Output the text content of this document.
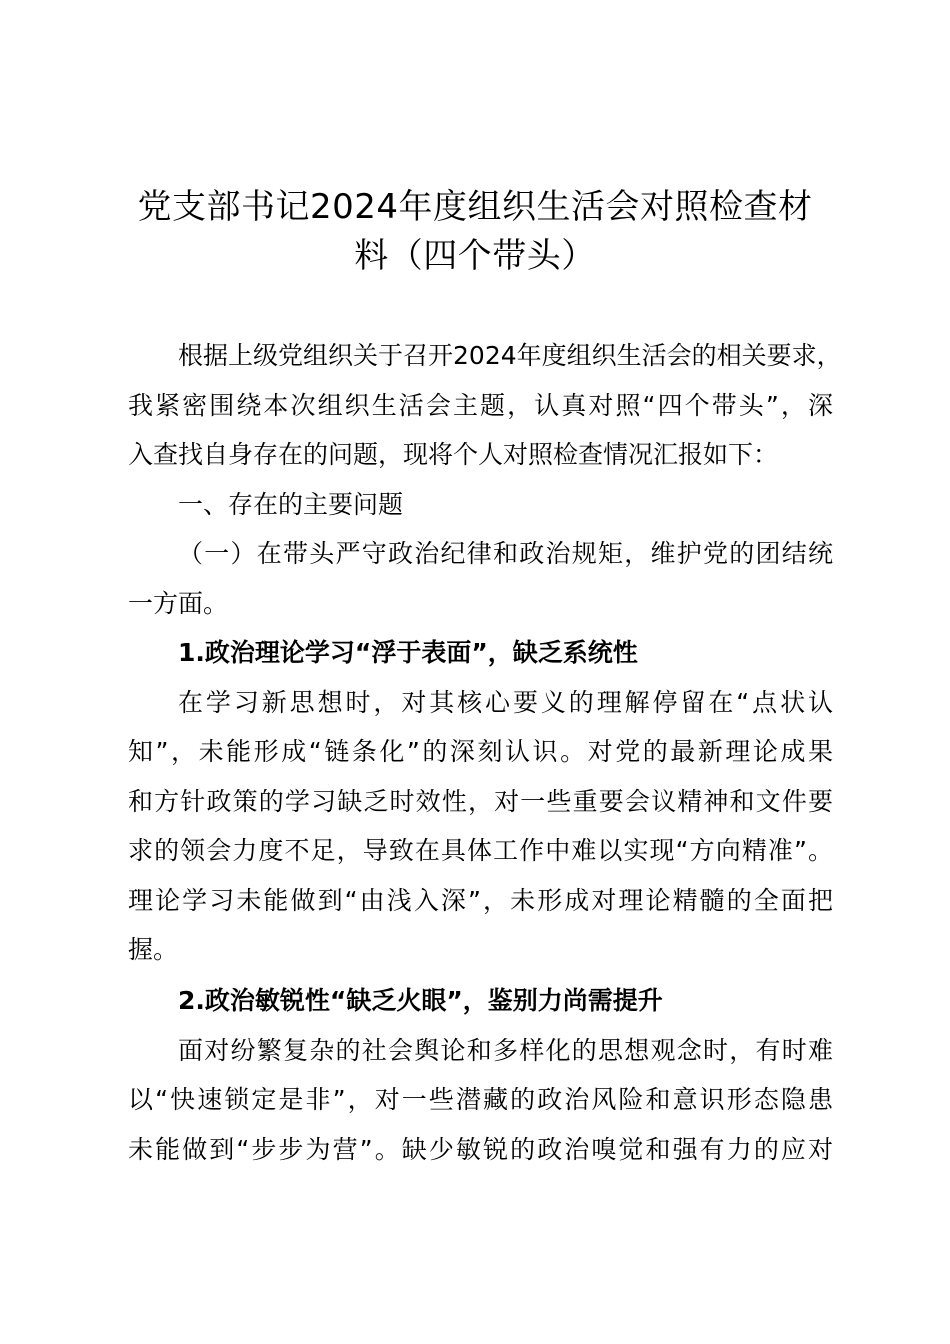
党支部书记2024年度组织生活会对照检查材
料（四个带头）
根据上级党组织关于召开2024年度组织生活会的相关要求，
我紧密围绕本次组织生活会主题，认真对照“四个带头”，深
入查找自身存在的问题，现将个人对照检查情况汇报如下：
一、存在的主要问题
（一）在带头严守政治纪律和政治规矩，维护党的团结统
一方面。
1.政治理论学习“浮于表面”，缺乏系统性
在学习新思想时，对其核心要义的理解停留在“点状认
知”，未能形成“链条化”的深刻认识。对党的最新理论成果
和方针政策的学习缺乏时效性，对一些重要会议精神和文件要
求的领会力度不足，导致在具体工作中难以实现“方向精准”。
理论学习未能做到“由浅入深”，未形成对理论精髓的全面把
握。
2.政治敏锐性“缺乏火眼”，鉴别力尚需提升
面对纷繁复杂的社会舆论和多样化的思想观念时，有时难
以“快速锁定是非”，对一些潜藏的政治风险和意识形态隐患
未能做到“步步为营”。缺少敏锐的政治嗅觉和强有力的应对
